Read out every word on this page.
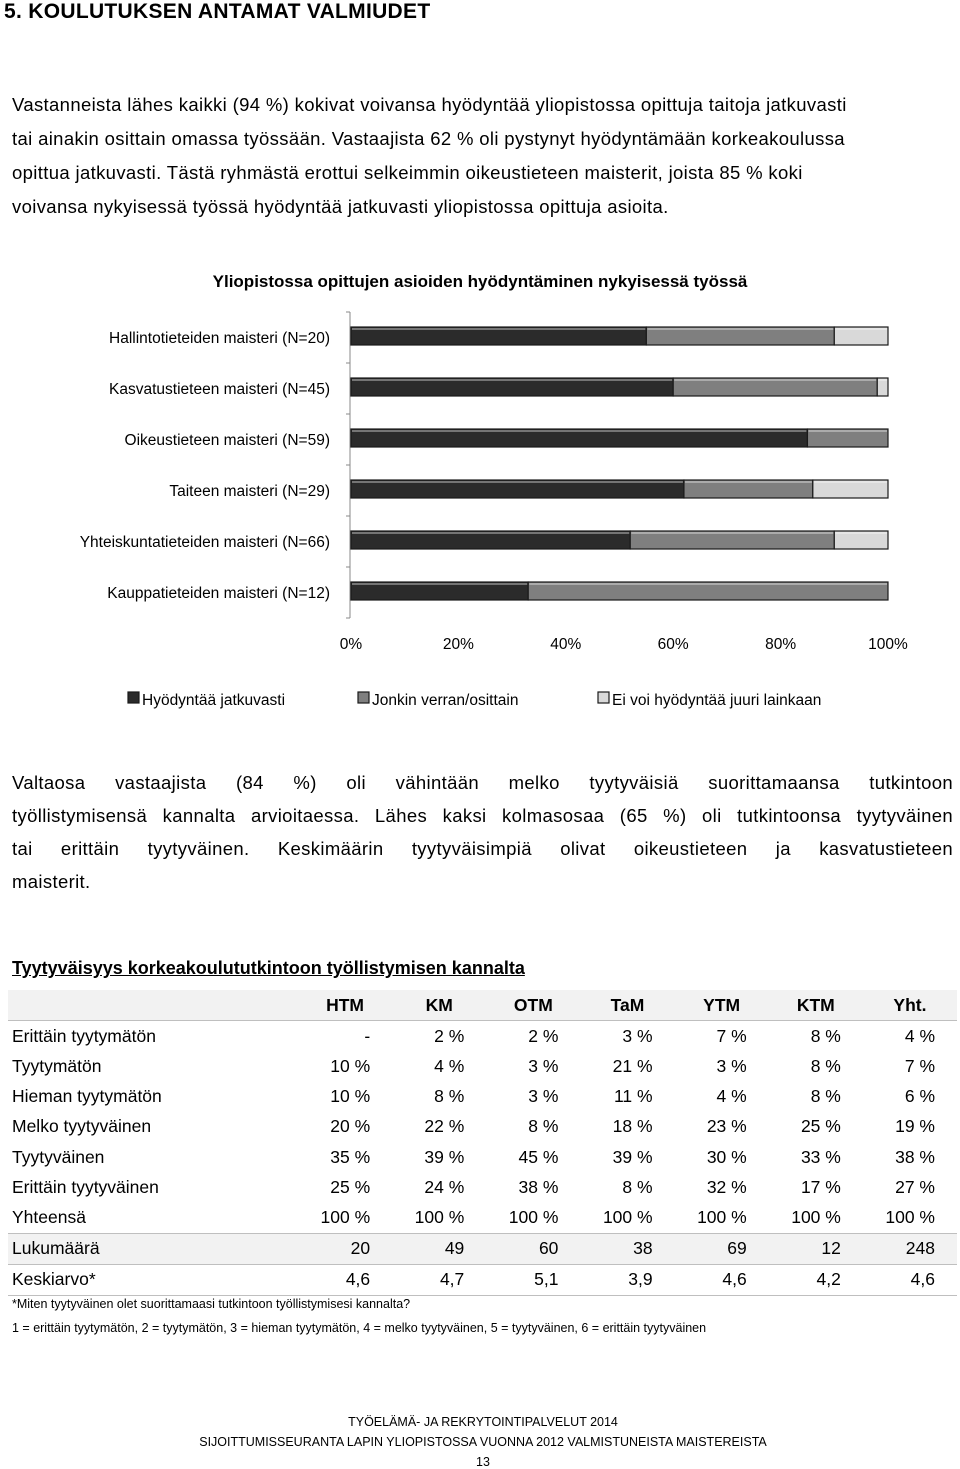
5. KOULUTUKSEN ANTAMAT VALMIUDET

Vastanneista lähes kaikki (94 %) kokivat voivansa hyödyntää yliopistossa opittuja taitoja jatkuvasti
tai ainakin osittain omassa työssään. Vastaajista 62 % oli pystynyt hyödyntämään korkeakoulussa
opittua jatkuvasti. Tästä ryhmästä erottui selkeimmin oikeustieteen maisterit, joista 85 % koki
voivansa nykyisessä työssä hyödyntää jatkuvasti yliopistossa opittuja asioita.

Yliopistossa opittujen asioiden hyödyntäminen nykyisessä työssä

Hallintotieteiden maisteri (N=20)
Kasvatustieteen maisteri (N=45)
Oikeustieteen maisteri (N=59)
Taiteen maisteri (N=29)
Yhteiskuntatieteiden maisteri (N=66)
Kauppatieteiden maisteri (N=12)
0%	20%	40%	60%	80%	100%
Hyödyntää jatkuvasti	Jonkin verran/osittain	Ei voi hyödyntää juuri lainkaan

Valtaosa vastaajista (84 %) oli vähintään melko tyytyväisiä suorittamaansa tutkintoon
työllistymisensä kannalta arvioitaessa. Lähes kaksi kolmasosaa (65 %) oli tutkintoonsa tyytyväinen
tai erittäin tyytyväinen. Keskimäärin tyytyväisimpiä olivat oikeustieteen ja kasvatustieteen
maisterit.

Tyytyväisyys korkeakoulututkintoon työllistymisen kannalta

	HTM	KM	OTM	TaM	YTM	KTM	Yht.
Erittäin tyytymätön	-	2 %	2 %	3 %	7 %	8 %	4 %
Tyytymätön	10 %	4 %	3 %	21 %	3 %	8 %	7 %
Hieman tyytymätön	10 %	8 %	3 %	11 %	4 %	8 %	6 %
Melko tyytyväinen	20 %	22 %	8 %	18 %	23 %	25 %	19 %
Tyytyväinen	35 %	39 %	45 %	39 %	30 %	33 %	38 %
Erittäin tyytyväinen	25 %	24 %	38 %	8 %	32 %	17 %	27 %
Yhteensä	100 %	100 %	100 %	100 %	100 %	100 %	100 %
Lukumäärä	20	49	60	38	69	12	248
Keskiarvo*	4,6	4,7	5,1	3,9	4,6	4,2	4,6

*Miten tyytyväinen olet suorittamaasi tutkintoon työllistymisesi kannalta?

1 = erittäin tyytymätön, 2 = tyytymätön, 3 = hieman tyytymätön, 4 = melko tyytyväinen, 5 = tyytyväinen, 6 = erittäin tyytyväinen

TYÖELÄMÄ- JA REKRYTOINTIPALVELUT 2014

SIJOITTUMISSEURANTA LAPIN YLIOPISTOSSA VUONNA 2012 VALMISTUNEISTA MAISTEREISTA

13
